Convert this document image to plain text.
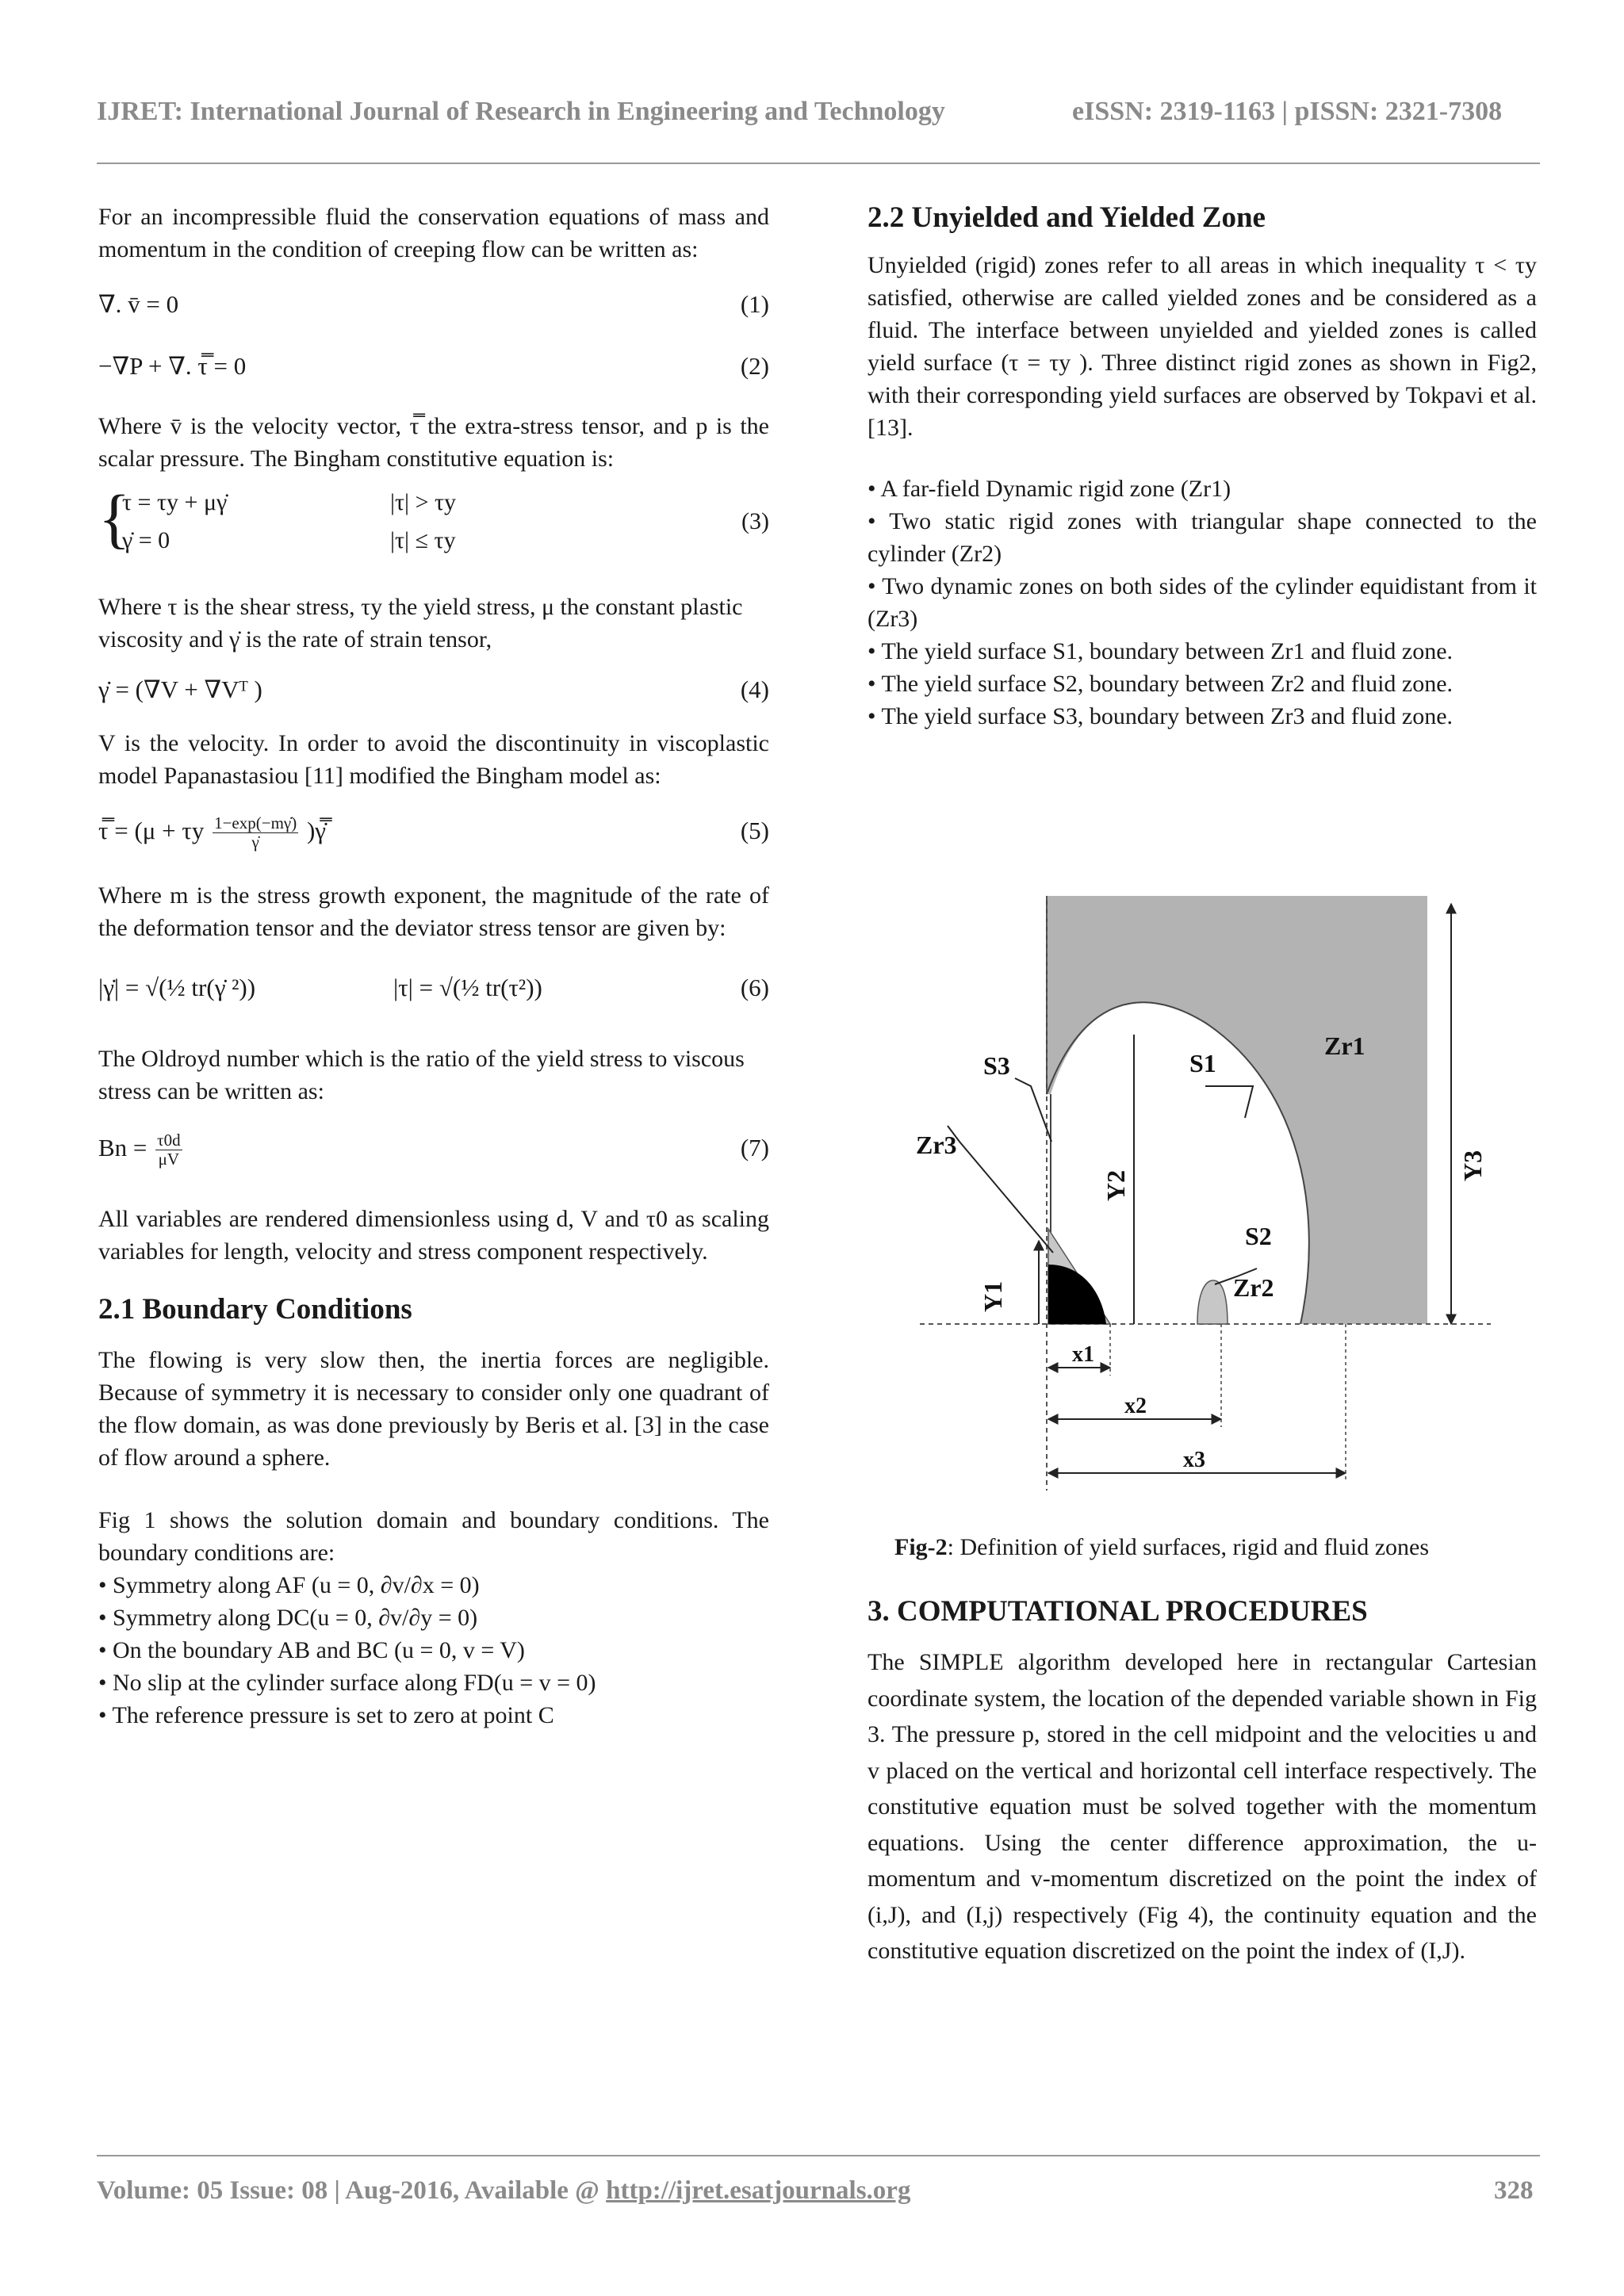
IJRET: International Journal of Research in Engineering and Technology	eISSN: 2319-1163 | pISSN: 2321-7308

For an incompressible fluid the conservation equations of mass and momentum in the condition of creeping flow can be written as:

∇. v̄ = 0	(1)
−∇P + ∇. τ̿ = 0	(2)

Where v̄ is the velocity vector, τ̿ the extra-stress tensor, and p is the scalar pressure. The Bingham constitutive equation is:

{
τ = τy + μγ̇	|τ| > τy
γ̇ = 0	|τ| ≤ τy
(3)

Where τ is the shear stress, τy the yield stress, μ the constant plastic viscosity and γ̇ is the rate of strain tensor,

γ̇ = (∇V + ∇Vᵀ )	(4)

V is the velocity. In order to avoid the discontinuity in viscoplastic model Papanastasiou [11] modified the Bingham model as:

τ̿ = (μ + τy $\frac{1-\exp(-m\gammȧ)}{\gammȧ}$ )γ̿̇	(5)

Where m is the stress growth exponent, the magnitude of the rate of the deformation tensor and the deviator stress tensor are given by:

|γ̇| = √(½ tr(γ̇ ²))	|τ| = √(½ tr(τ²))	(6)

The Oldroyd number which is the ratio of the yield stress to viscous stress can be written as:

$Bn = \frac{\tau 0d}{\mu V}$	(7)

All variables are rendered dimensionless using d, V and τ0 as scaling variables for length, velocity and stress component respectively.

2.1 Boundary Conditions

The flowing is very slow then, the inertia forces are negligible. Because of symmetry it is necessary to consider only one quadrant of the flow domain, as was done previously by Beris et al. [3] in the case of flow around a sphere.

Fig 1 shows the solution domain and boundary conditions. The boundary conditions are:

• Symmetry along AF (u = 0, ∂v/∂x = 0)

• Symmetry along DC(u = 0, ∂v/∂y = 0)

• On the boundary AB and BC (u = 0, v = V)

• No slip at the cylinder surface along FD(u = v = 0)

• The reference pressure is set to zero at point C

2.2 Unyielded and Yielded Zone

Unyielded (rigid) zones refer to all areas in which inequality τ < τy satisfied, otherwise are called yielded zones and be considered as a fluid. The interface between unyielded and yielded zones is called yield surface (τ = τy ). Three distinct rigid zones as shown in Fig2, with their corresponding yield surfaces are observed by Tokpavi et al. [13].

• A far-field Dynamic rigid zone (Zr1)

• Two static rigid zones with triangular shape connected to the cylinder (Zr2)

• Two dynamic zones on both sides of the cylinder equidistant from it (Zr3)

• The yield surface S1, boundary between Zr1 and fluid zone.

• The yield surface S2, boundary between Zr2 and fluid zone.

• The yield surface S3, boundary between Zr3 and fluid zone.

S3	S1
Zr1
Zr3
S2
Zr2
x1
x2
x3
Y2
Y3
Y1
Fig-2: Definition of yield surfaces, rigid and fluid zones
3. COMPUTATIONAL PROCEDURES

The SIMPLE algorithm developed here in rectangular Cartesian coordinate system, the location of the depended variable shown in Fig 3. The pressure p, stored in the cell midpoint and the velocities u and v placed on the vertical and horizontal cell interface respectively. The constitutive equation must be solved together with the momentum equations. Using the center difference approximation, the u-momentum and v-momentum discretized on the point the index of (i,J), and (I,j) respectively (Fig 4), the continuity equation and the constitutive equation discretized on the point the index of (I,J).

Volume: 05 Issue: 08 | Aug-2016, Available @ http://ijret.esatjournals.org	328
